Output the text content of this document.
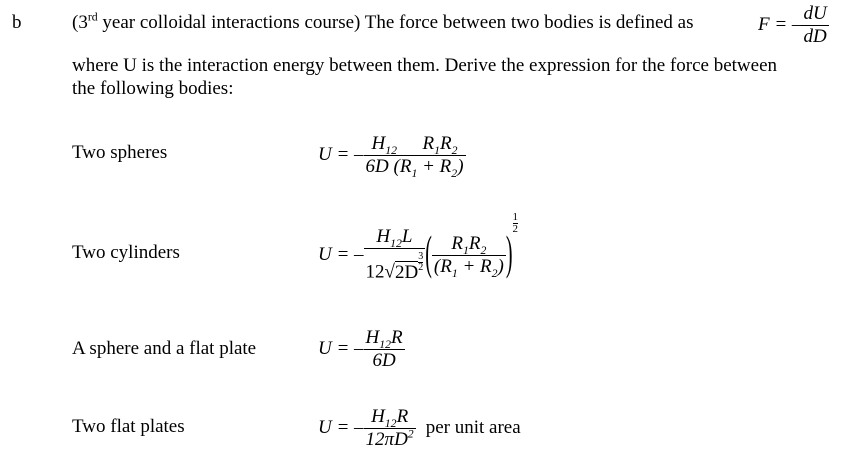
b	(3rd year colloidal interactions course) The force between two bodies is defined as	F = – $\frac{dU}{dD}$
where U is the interaction energy between them. Derive the expression for the force between
the following bodies:
Two spheres	U = – $\frac{H_{12} R_1R_2}{6D (R_1 + R_2)}$
Two cylinders	U = – $\frac{H_{12}L}{12√2D \frac{3}{2}}$ ( $\frac{R_1R_2}{(R_1 + R_2)}$ )
$\frac{1}{2}$
A sphere and a flat plate	U = – $\frac{H_{12}R}{6D}$
Two flat plates	U = – $\frac{H_{12}R}{12\pi D^2}$ per unit area
